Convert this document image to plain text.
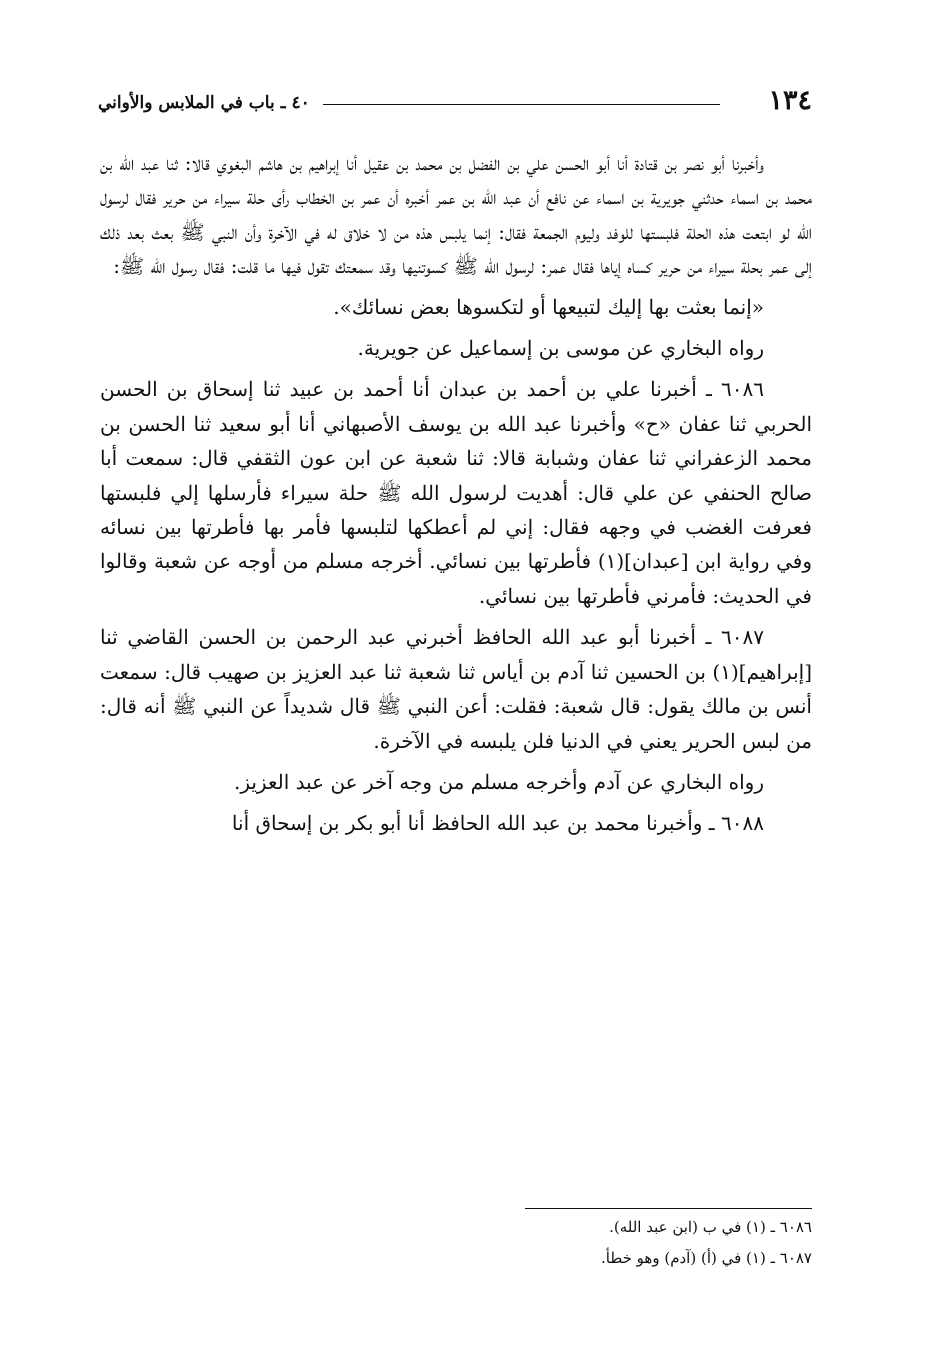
١٣٤
٤٠ ـ باب في الملابس والأواني

وأخبرنا أبو نصر بن قتادة أنا أبو الحسن علي بن الفضل بن محمد بن عقيل أنا إبراهيم بن هاشم البغوي قالا: ثنا عبد الله بن محمد بن اسماء حدثني جويرية بن اسماء عن نافع أن عبد الله بن عمر أخبره أن عمر بن الخطاب رأى حلة سيراء من حرير فقال لرسول الله لو ابتعت هذه الحلة فلبستها للوفد وليوم الجمعة فقال: إنما يلبس هذه من لا خلاق له في الآخرة وأن النبي ﷺ بعث بعد ذلك إلى عمر بحلة سيراء من حرير كساه إياها فقال عمر: لرسول الله ﷺ كسوتنيها وقد سمعتك تقول فيها ما قلت: فقال رسول الله ﷺ:

«إنما بعثت بها إليك لتبيعها أو لتكسوها بعض نسائك».

رواه البخاري عن موسى بن إسماعيل عن جويرية.

٦٠٨٦ ـ أخبرنا علي بن أحمد بن عبدان أنا أحمد بن عبيد ثنا إسحاق بن الحسن الحربي ثنا عفان «ح» وأخبرنا عبد الله بن يوسف الأصبهاني أنا أبو سعيد ثنا الحسن بن محمد الزعفراني ثنا عفان وشبابة قالا: ثنا شعبة عن ابن عون الثقفي قال: سمعت أبا صالح الحنفي عن علي قال: أهديت لرسول الله ﷺ حلة سيراء فأرسلها إلي فلبستها فعرفت الغضب في وجهه فقال: إني لم أعطكها لتلبسها فأمر بها فأطرتها بين نسائه وفي رواية ابن [عبدان](١) فأطرتها بين نسائي. أخرجه مسلم من أوجه عن شعبة وقالوا في الحديث: فأمرني فأطرتها بين نسائي.

٦٠٨٧ ـ أخبرنا أبو عبد الله الحافظ أخبرني عبد الرحمن بن الحسن القاضي ثنا [إبراهيم](١) بن الحسين ثنا آدم بن أياس ثنا شعبة ثنا عبد العزيز بن صهيب قال: سمعت أنس بن مالك يقول: قال شعبة: فقلت: أعن النبي ﷺ قال شديداً عن النبي ﷺ أنه قال: من لبس الحرير يعني في الدنيا فلن يلبسه في الآخرة.

رواه البخاري عن آدم وأخرجه مسلم من وجه آخر عن عبد العزيز.

٦٠٨٨ ـ وأخبرنا محمد بن عبد الله الحافظ أنا أبو بكر بن إسحاق أنا

٦٠٨٦ ـ (١) في ب (ابن عبد الله).

٦٠٨٧ ـ (١) في (أ) (آدم) وهو خطأ.
